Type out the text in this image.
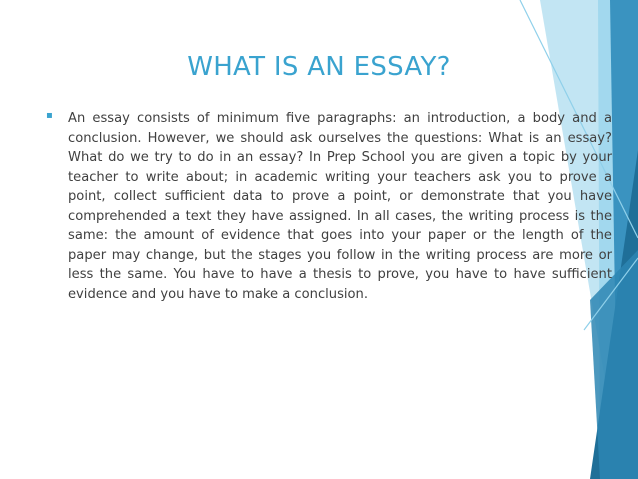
WHAT IS AN ESSAY?
▪ An essay consists of minimum five paragraphs: an introduction, a body and a conclusion. However, we should ask ourselves the questions: What is an essay? What do we try to do in an essay? In Prep School you are given a topic by your teacher to write about; in academic writing your teachers ask you to prove a point, collect sufficient data to prove a point, or demonstrate that you have comprehended a text they have assigned. In all cases, the writing process is the same: the amount of evidence that goes into your paper or the length of the paper may change, but the stages you follow in the writing process are more or less the same. You have to have a thesis to prove, you have to have sufficient evidence and you have to make a conclusion.
